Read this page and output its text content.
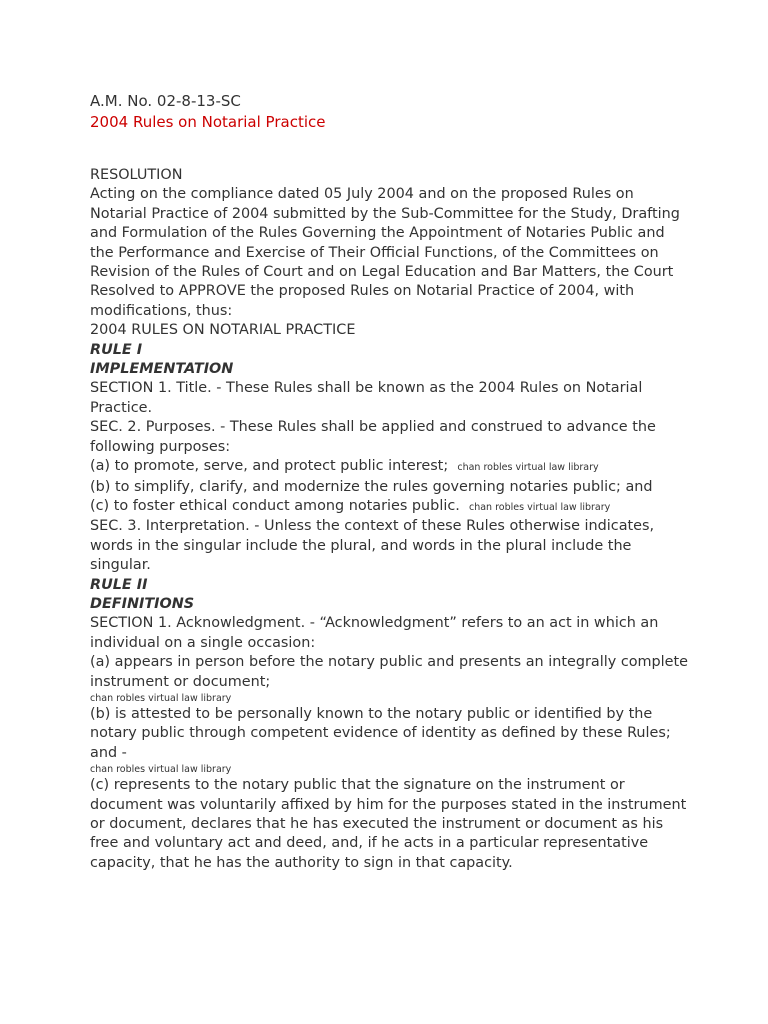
A.M. No. 02-8-13-SC

2004 Rules on Notarial Practice

RESOLUTION

Acting on the compliance dated 05 July 2004 and on the proposed Rules on Notarial Practice of 2004 submitted by the Sub-Committee for the Study, Drafting and Formulation of the Rules Governing the Appointment of Notaries Public and the Performance and Exercise of Their Official Functions, of the Committees on Revision of the Rules of Court and on Legal Education and Bar Matters, the Court Resolved to APPROVE the proposed Rules on Notarial Practice of 2004, with modifications, thus:

2004 RULES ON NOTARIAL PRACTICE

RULE I

IMPLEMENTATION

SECTION 1. Title. - These Rules shall be known as the 2004 Rules on Notarial Practice.

SEC. 2. Purposes. - These Rules shall be applied and construed to advance the following purposes:

(a) to promote, serve, and protect public interest; chan robles virtual law library

(b) to simplify, clarify, and modernize the rules governing notaries public; and

(c) to foster ethical conduct among notaries public. chan robles virtual law library

SEC. 3. Interpretation. - Unless the context of these Rules otherwise indicates, words in the singular include the plural, and words in the plural include the singular.

RULE II

DEFINITIONS

SECTION 1. Acknowledgment. - “Acknowledgment” refers to an act in which an individual on a single occasion:

(a) appears in person before the notary public and presents an integrally complete instrument or document;

chan robles virtual law library

(b) is attested to be personally known to the notary public or identified by the notary public through competent evidence of identity as defined by these Rules; and -

chan robles virtual law library

(c) represents to the notary public that the signature on the instrument or document was voluntarily affixed by him for the purposes stated in the instrument or document, declares that he has executed the instrument or document as his free and voluntary act and deed, and, if he acts in a particular representative capacity, that he has the authority to sign in that capacity.
